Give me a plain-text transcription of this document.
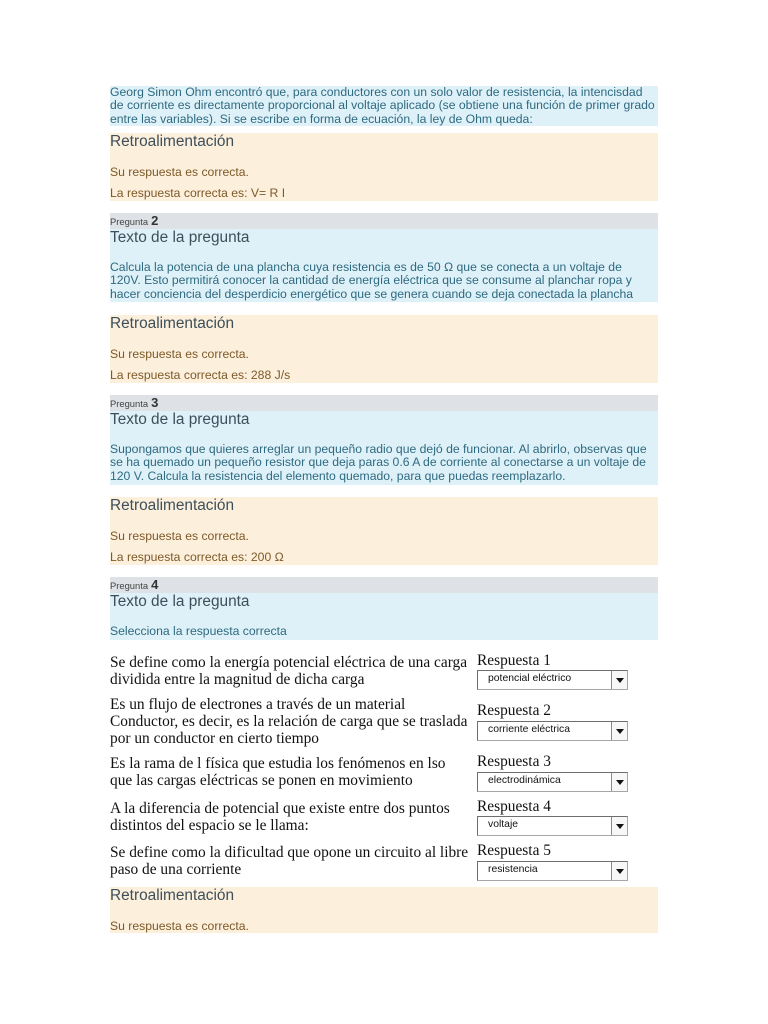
Georg Simon Ohm encontró que, para conductores con un solo valor de resistencia, la intencisdad
de corriente es directamente proporcional al voltaje aplicado (se obtiene una función de primer grado
entre las variables). Si se escribe en forma de ecuación, la ley de Ohm queda:
Retroalimentación
Su respuesta es correcta.
La respuesta correcta es: V= R I
Pregunta 2
Texto de la pregunta
Calcula la potencia de una plancha cuya resistencia es de 50 Ω que se conecta a un voltaje de
120V. Esto permitirá conocer la cantidad de energía eléctrica que se consume al planchar ropa y
hacer conciencia del desperdicio energético que se genera cuando se deja conectada la plancha
Retroalimentación
Su respuesta es correcta.
La respuesta correcta es: 288 J/s
Pregunta 3
Texto de la pregunta
Supongamos que quieres arreglar un pequeño radio que dejó de funcionar. Al abrirlo, observas que
se ha quemado un pequeño resistor que deja paras 0.6 A de corriente al conectarse a un voltaje de
120 V. Calcula la resistencia del elemento quemado, para que puedas reemplazarlo.
Retroalimentación
Su respuesta es correcta.
La respuesta correcta es: 200 Ω
Pregunta 4
Texto de la pregunta
Selecciona la respuesta correcta
Se define como la energía potencial eléctrica de una carga
dividida entre la magnitud de dicha carga
Respuesta 1
potencial eléctrico
Es un flujo de electrones a través de un material
Conductor, es decir, es la relación de carga que se traslada
por un conductor en cierto tiempo
Respuesta 2
corriente eléctrica
Es la rama de l física que estudia los fenómenos en lso
que las cargas eléctricas se ponen en movimiento
Respuesta 3
electrodinámica
A la diferencia de potencial que existe entre dos puntos
distintos del espacio se le llama:
Respuesta 4
voltaje
Se define como la dificultad que opone un circuito al libre
paso de una corriente
Respuesta 5
resistencia
Retroalimentación
Su respuesta es correcta.
